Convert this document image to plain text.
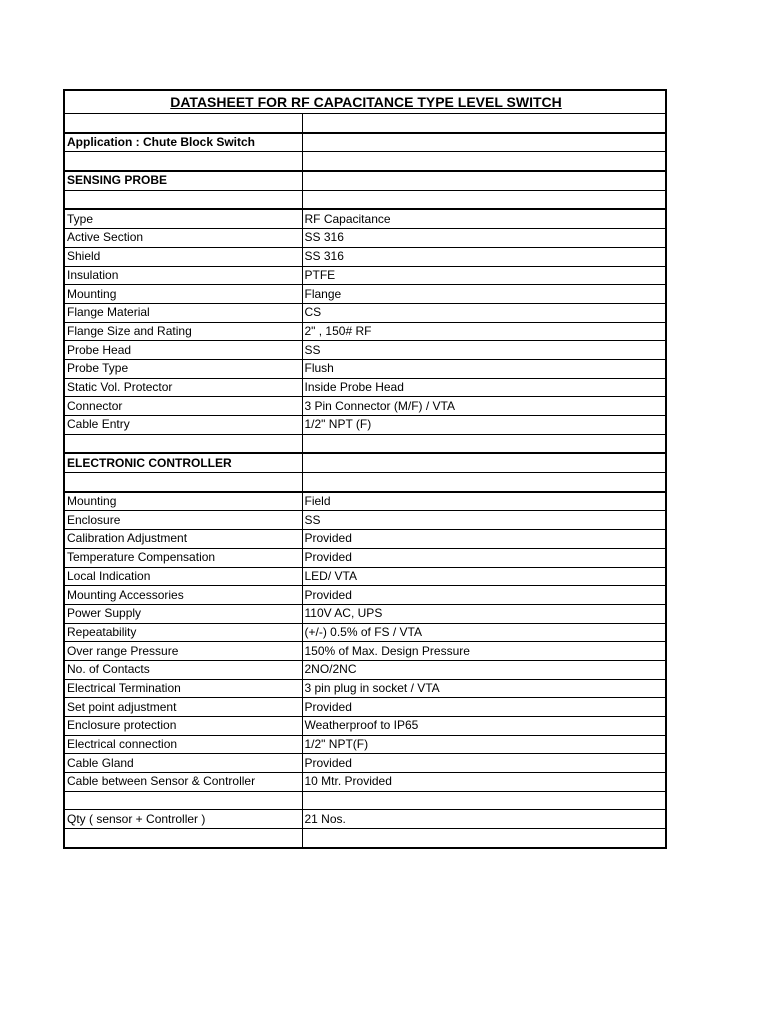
DATASHEET FOR RF CAPACITANCE TYPE LEVEL SWITCH	

Application : Chute Block Switch	

SENSING PROBE	

Type	RF Capacitance
Active Section	SS 316
Shield	SS 316
Insulation	PTFE
Mounting	Flange
Flange Material	CS
Flange Size and Rating	2" , 150# RF
Probe Head	SS
Probe Type	Flush
Static Vol. Protector	Inside Probe Head
Connector	3 Pin Connector (M/F) / VTA
Cable Entry	1/2" NPT (F)

ELECTRONIC CONTROLLER	

Mounting	Field
Enclosure	SS
Calibration Adjustment	Provided
Temperature Compensation	Provided
Local Indication	LED/ VTA
Mounting Accessories	Provided
Power Supply	110V AC, UPS
Repeatability	(+/-) 0.5% of FS / VTA
Over range Pressure	150% of Max. Design Pressure
No. of Contacts	2NO/2NC
Electrical Termination	3 pin plug in socket / VTA
Set point adjustment	Provided
Enclosure protection	Weatherproof to IP65
Electrical connection	1/2" NPT(F)
Cable Gland	Provided
Cable between Sensor & Controller	10 Mtr. Provided

Qty ( sensor + Controller )	21 Nos.
